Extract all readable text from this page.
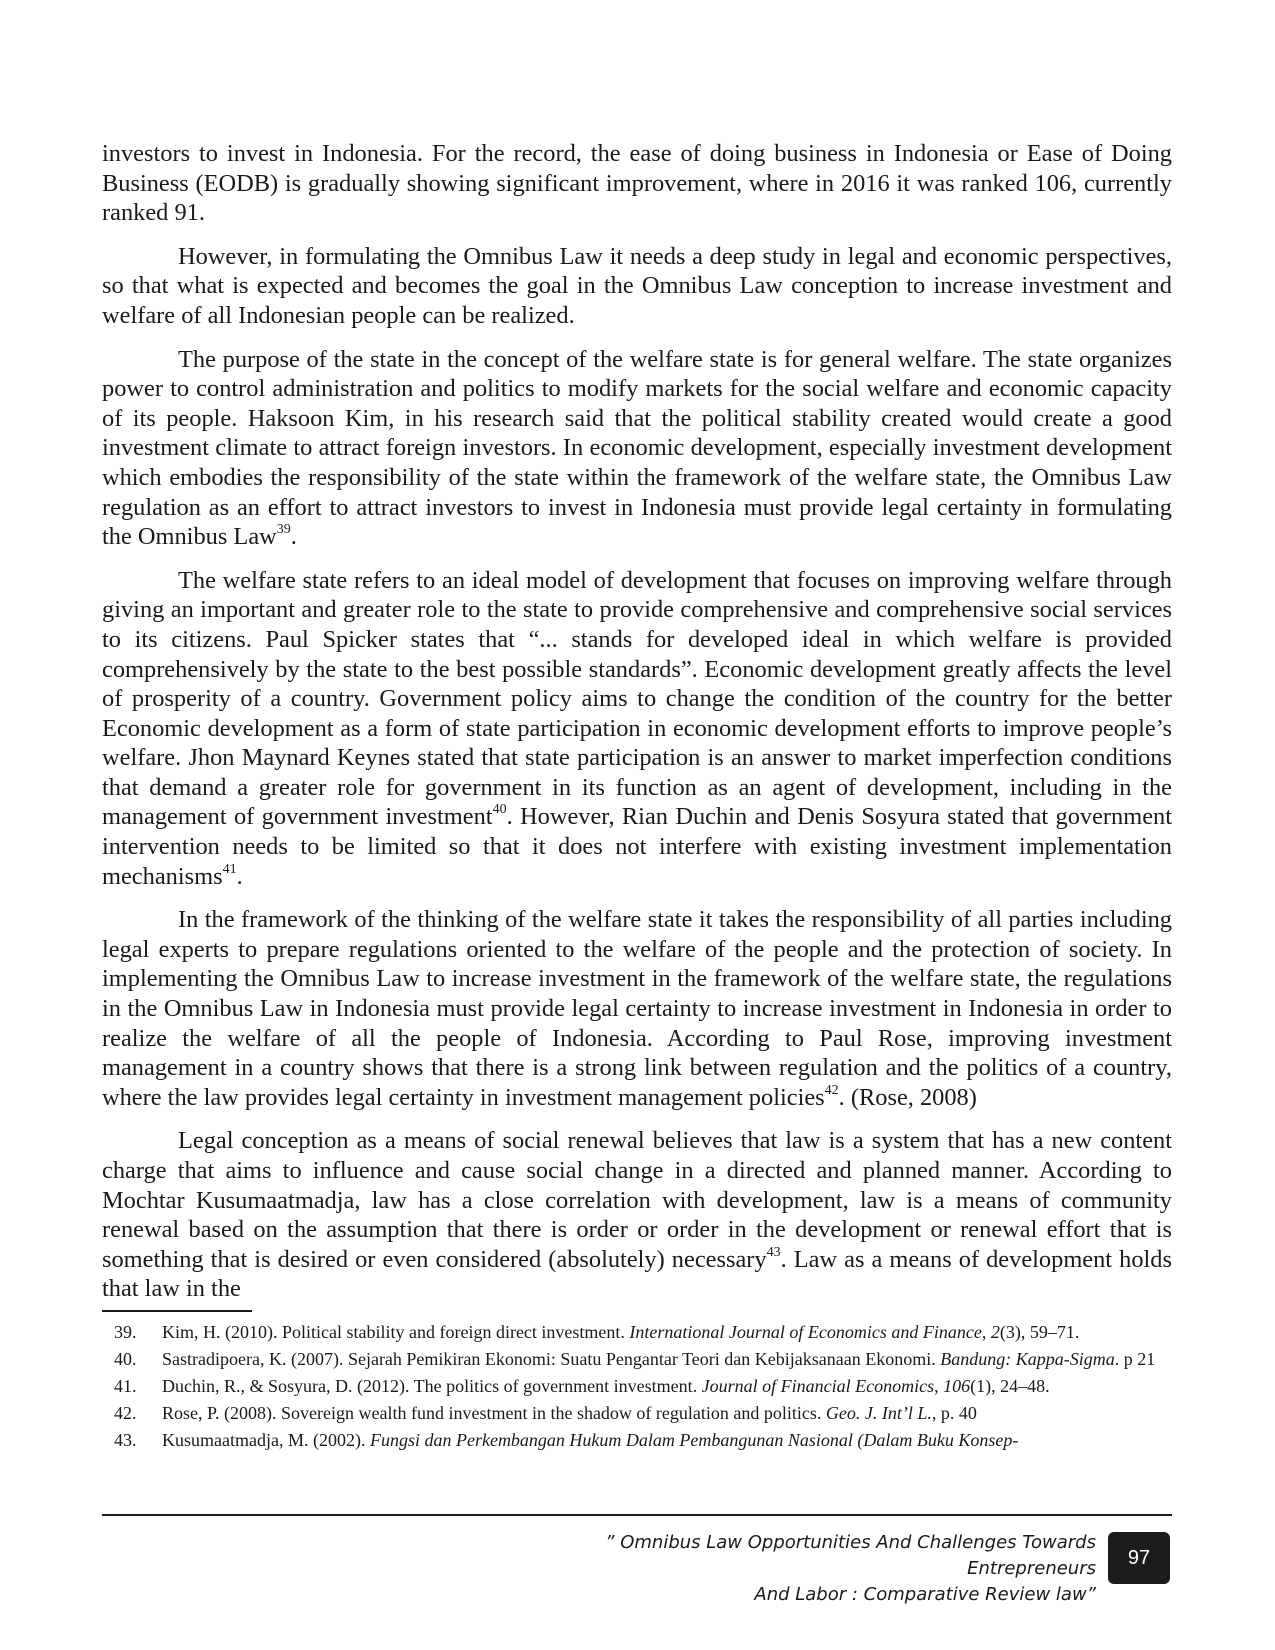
investors to invest in Indonesia. For the record, the ease of doing business in Indonesia or Ease of Doing Business (EODB) is gradually showing significant improvement, where in 2016 it was ranked 106, currently ranked 91.

However, in formulating the Omnibus Law it needs a deep study in legal and economic perspectives, so that what is expected and becomes the goal in the Omnibus Law conception to increase investment and welfare of all Indonesian people can be realized.

The purpose of the state in the concept of the welfare state is for general welfare. The state organizes power to control administration and politics to modify markets for the social welfare and economic capacity of its people. Haksoon Kim, in his research said that the political stability created would create a good investment climate to attract foreign investors. In economic development, especially investment development which embodies the responsibility of the state within the framework of the welfare state, the Omnibus Law regulation as an effort to attract investors to invest in Indonesia must provide legal certainty in formulating the Omnibus Law$^{39}$.

The welfare state refers to an ideal model of development that focuses on improving welfare through giving an important and greater role to the state to provide comprehensive and comprehensive social services to its citizens. Paul Spicker states that “... stands for developed ideal in which welfare is provided comprehensively by the state to the best possible standards”. Economic development greatly affects the level of prosperity of a country. Government policy aims to change the condition of the country for the better Economic development as a form of state participation in economic development efforts to improve people’s welfare. Jhon Maynard Keynes stated that state participation is an answer to market imperfection conditions that demand a greater role for government in its function as an agent of development, including in the management of government investment$^{40}$. However, Rian Duchin and Denis Sosyura stated that government intervention needs to be limited so that it does not interfere with existing investment implementation mechanisms$^{41}$.

In the framework of the thinking of the welfare state it takes the responsibility of all parties including legal experts to prepare regulations oriented to the welfare of the people and the protection of society. In implementing the Omnibus Law to increase investment in the framework of the welfare state, the regulations in the Omnibus Law in Indonesia must provide legal certainty to increase investment in Indonesia in order to realize the welfare of all the people of Indonesia. According to Paul Rose, improving investment management in a country shows that there is a strong link between regulation and the politics of a country, where the law provides legal certainty in investment management policies$^{42}$. (Rose, 2008)

Legal conception as a means of social renewal believes that law is a system that has a new content charge that aims to influence and cause social change in a directed and planned manner. According to Mochtar Kusumaatmadja, law has a close correlation with development, law is a means of community renewal based on the assumption that there is order or order in the development or renewal effort that is something that is desired or even considered (absolutely) necessary$^{43}$. Law as a means of development holds that law in the

39.	Kim, H. (2010). Political stability and foreign direct investment. International Journal of Economics and Finance, 2(3), 59–71.
40.	Sastradipoera, K. (2007). Sejarah Pemikiran Ekonomi: Suatu Pengantar Teori dan Kebijaksanaan Ekonomi. Bandung: Kappa-Sigma. p 21
41.	Duchin, R., & Sosyura, D. (2012). The politics of government investment. Journal of Financial Economics, 106(1), 24–48.
42.	Rose, P. (2008). Sovereign wealth fund investment in the shadow of regulation and politics. Geo. J. Int’l L., p. 40
43.	Kusumaatmadja, M. (2002). Fungsi dan Perkembangan Hukum Dalam Pembangunan Nasional (Dalam Buku Konsep-
” Omnibus Law Opportunities And Challenges Towards Entrepreneurs
And Labor : Comparative Review law”
97
